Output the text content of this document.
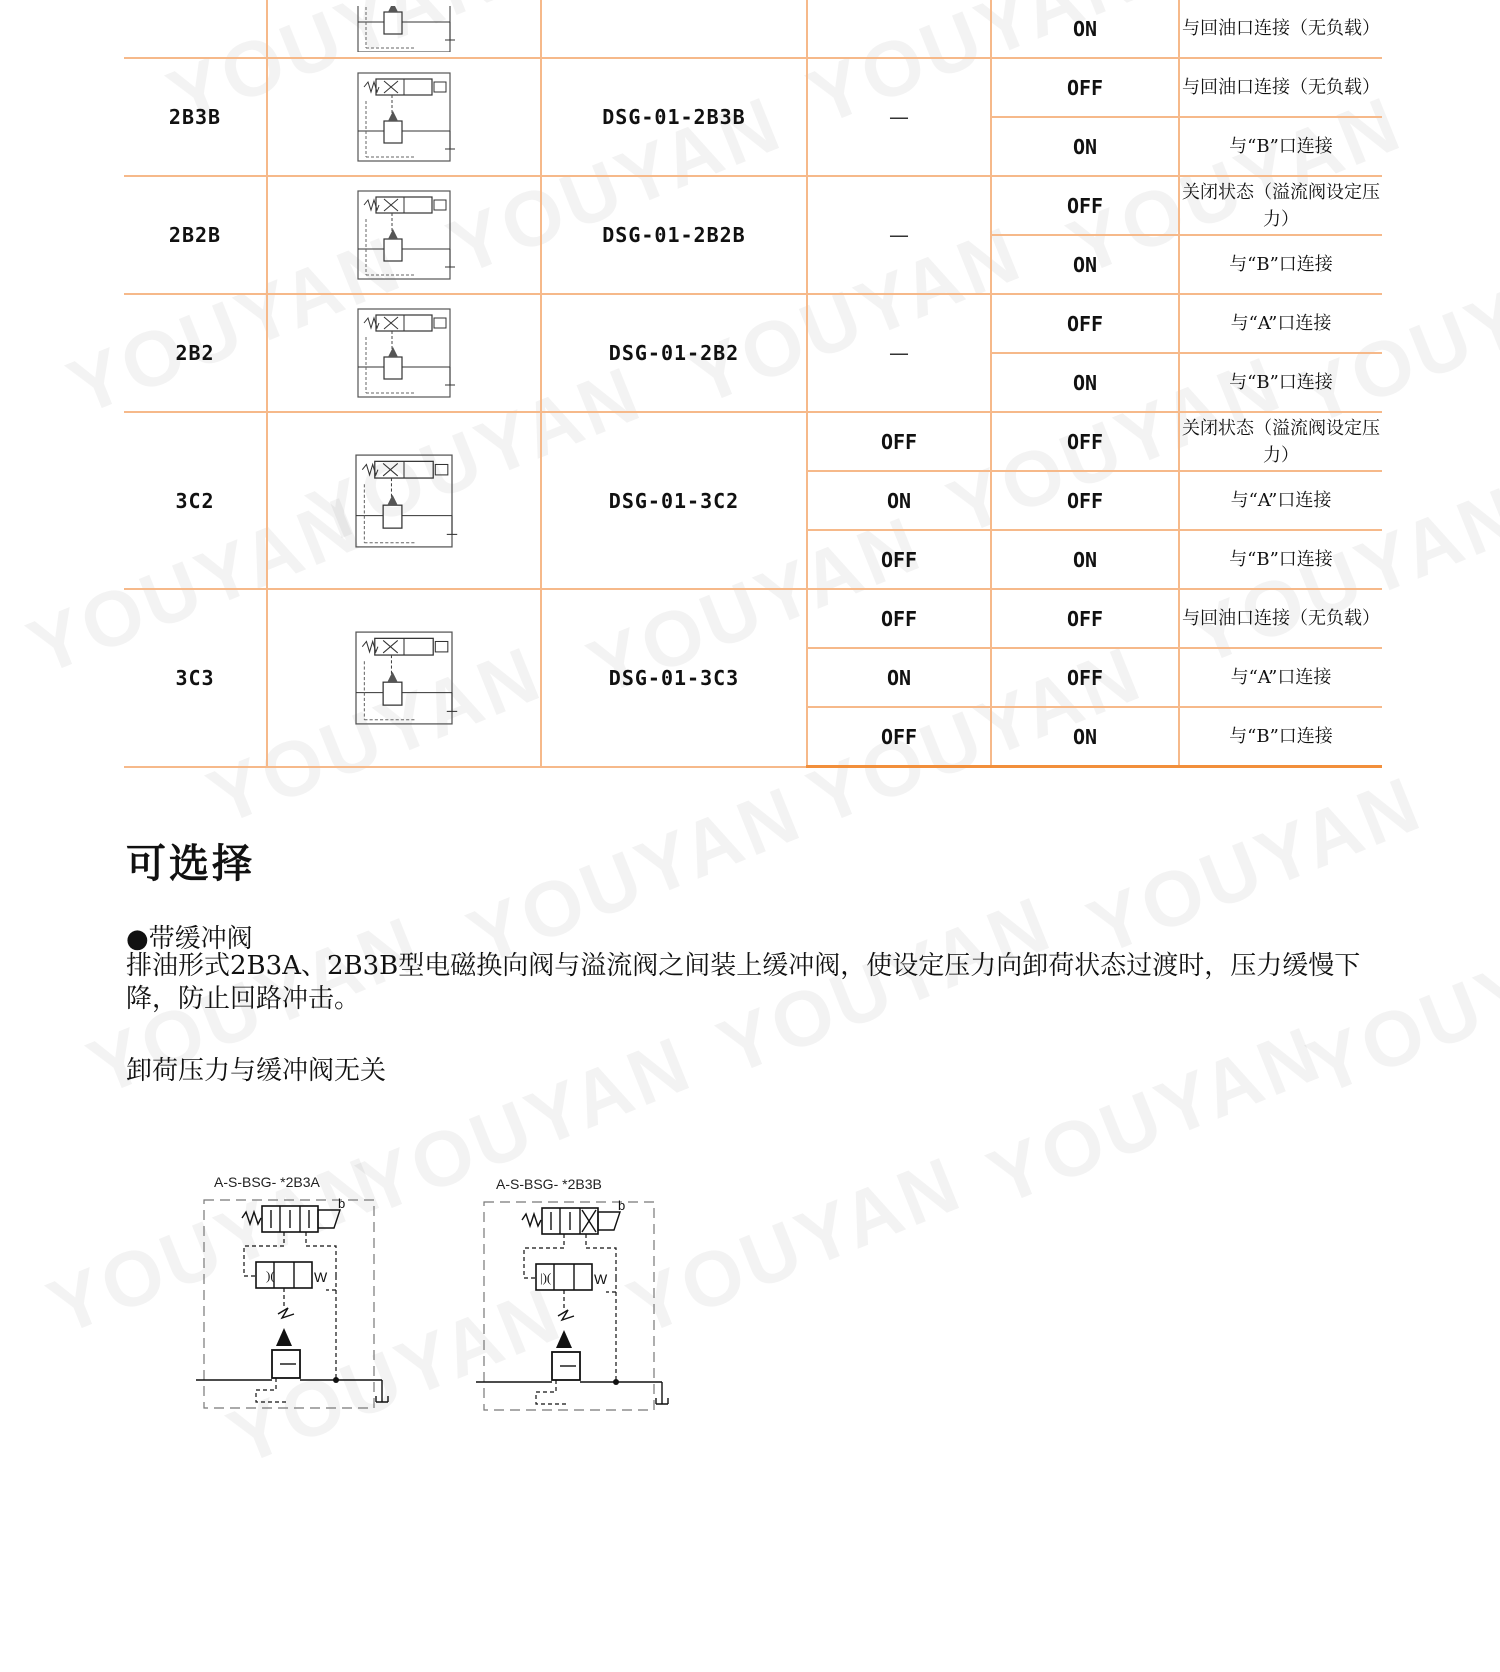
			ON	与回油口连接（无负载）
2B3B		DSG-01-2B3B	—	OFF	与回油口连接（无负载）
				ON	与“B”口连接
2B2B		DSG-01-2B2B	—	OFF	关闭状态（溢流阀设定压力）
				ON	与“B”口连接
2B2		DSG-01-2B2	—	OFF	与“A”口连接
				ON	与“B”口连接
3C2		DSG-01-3C2	OFF	OFF	关闭状态（溢流阀设定压力）
			ON	OFF	与“A”口连接
			OFF	ON	与“B”口连接
3C3		DSG-01-3C3	OFF	OFF	与回油口连接（无负载）
			ON	OFF	与“A”口连接
			OFF	ON	与“B”口连接
可选择

●带缓冲阀

排油形式2B3A、2B3B型电磁换向阀与溢流阀之间装上缓冲阀，使设定压力向卸荷状态过渡时，压力缓慢下降，防止回路冲击。

卸荷压力与缓冲阀无关

A-S-BSG- *2B3A
b
)(	W
A-S-BSG- *2B3B
b
|)(	W
